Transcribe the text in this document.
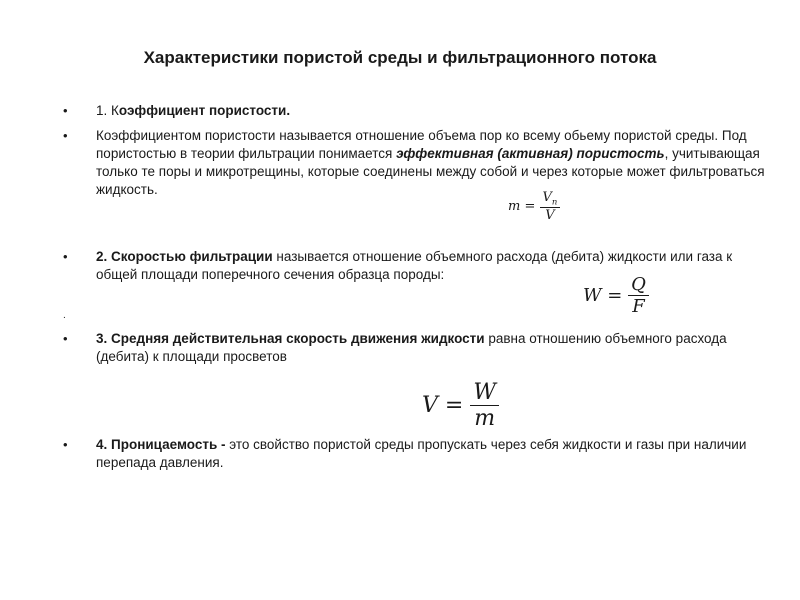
Характеристики пористой среды и фильтрационного потока
• 1. Коэффициент пористости.
• Коэффициентом пористости называется отношение объема пор ко всему обьему пористой среды. Под пористостью в теории фильтрации понимается эффективная (активная) пористость, учитывающая только те поры и микротрещины, которые соединены между собой и через которые может фильтроваться жидкость.
$m = \frac{V_п}{V}$
• 2. Скоростью фильтрации называется отношение объемного расхода (дебита) жидкости или газа к общей площади поперечного сечения образца породы:
$W = \frac{Q}{F}$
.
• 3. Средняя действительная скорость движения жидкости равна отношению объемного расхода (дебита) к площади просветов
$V = \frac{W}{m}$
• 4. Проницаемость - это свойство пористой среды пропускать через себя жидкости и газы при наличии перепада давления.
